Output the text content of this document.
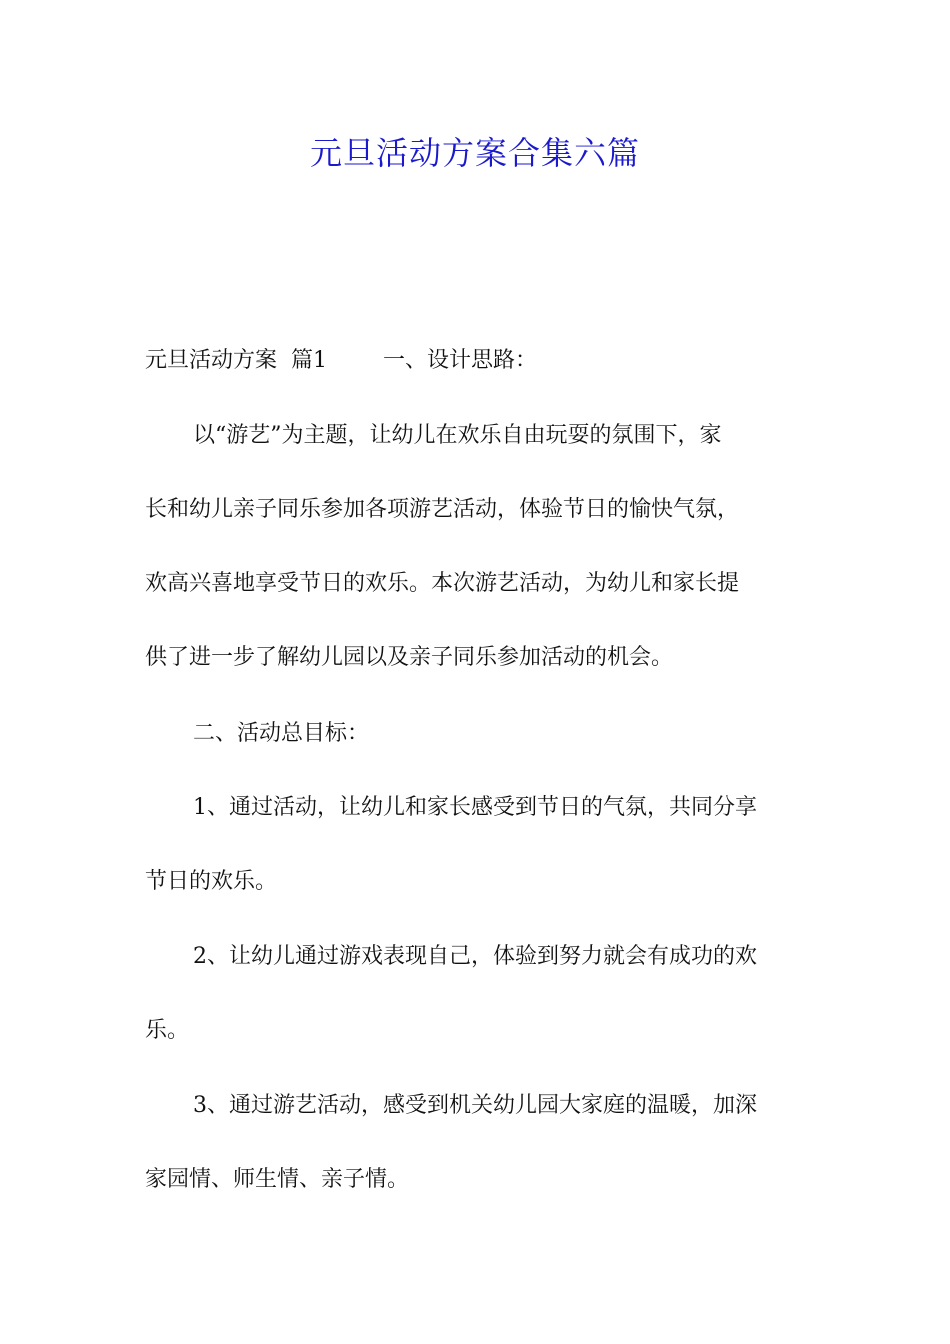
元旦活动方案合集六篇
元旦活动方案  篇1	一、设计思路：
以“游艺”为主题，让幼儿在欢乐自由玩耍的氛围下，家
长和幼儿亲子同乐参加各项游艺活动，体验节日的愉快气氛，
欢高兴喜地享受节日的欢乐。本次游艺活动，为幼儿和家长提
供了进一步了解幼儿园以及亲子同乐参加活动的机会。
二、活动总目标：
1、通过活动，让幼儿和家长感受到节日的气氛，共同分享
节日的欢乐。
2、让幼儿通过游戏表现自己，体验到努力就会有成功的欢
乐。
3、通过游艺活动，感受到机关幼儿园大家庭的温暖，加深
家园情、师生情、亲子情。
